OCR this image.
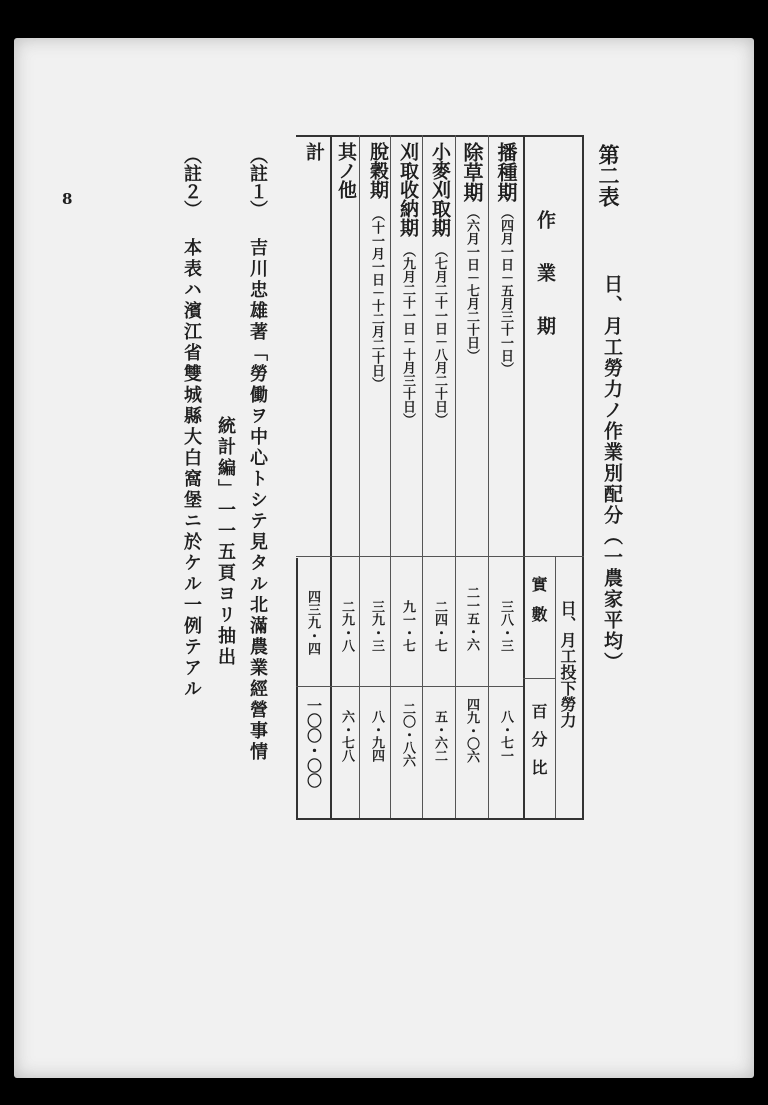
第二表
日、月工勞力ノ作業別配分（一農家平均）
作業期
日、月工投下勞力
實數
百分比
播種期
（四月一日－五月三十一日）
三八・三
八・七一
除草期
（六月一日－七月二十日）
二一五・六
四九・〇六
小麥刈取期
（七月二十一日－八月二十日）
二四・七
五・六二
刈取收納期
（九月二十一日－十月三十日）
九一・七
二〇・八六
脫穀期
（十一月一日－十二月二十日）
三九・三
八・九四
其ノ他
二九・八
六・七八
計
四三九・四
一〇〇・〇〇
（註１）
吉川忠雄著「勞働ヲ中心トシテ見タル北滿農業經營事情
統計編」一一五頁ヨリ抽出
（註２）
本表ハ濱江省雙城縣大白窩堡ニ於ケル一例テアル
8
